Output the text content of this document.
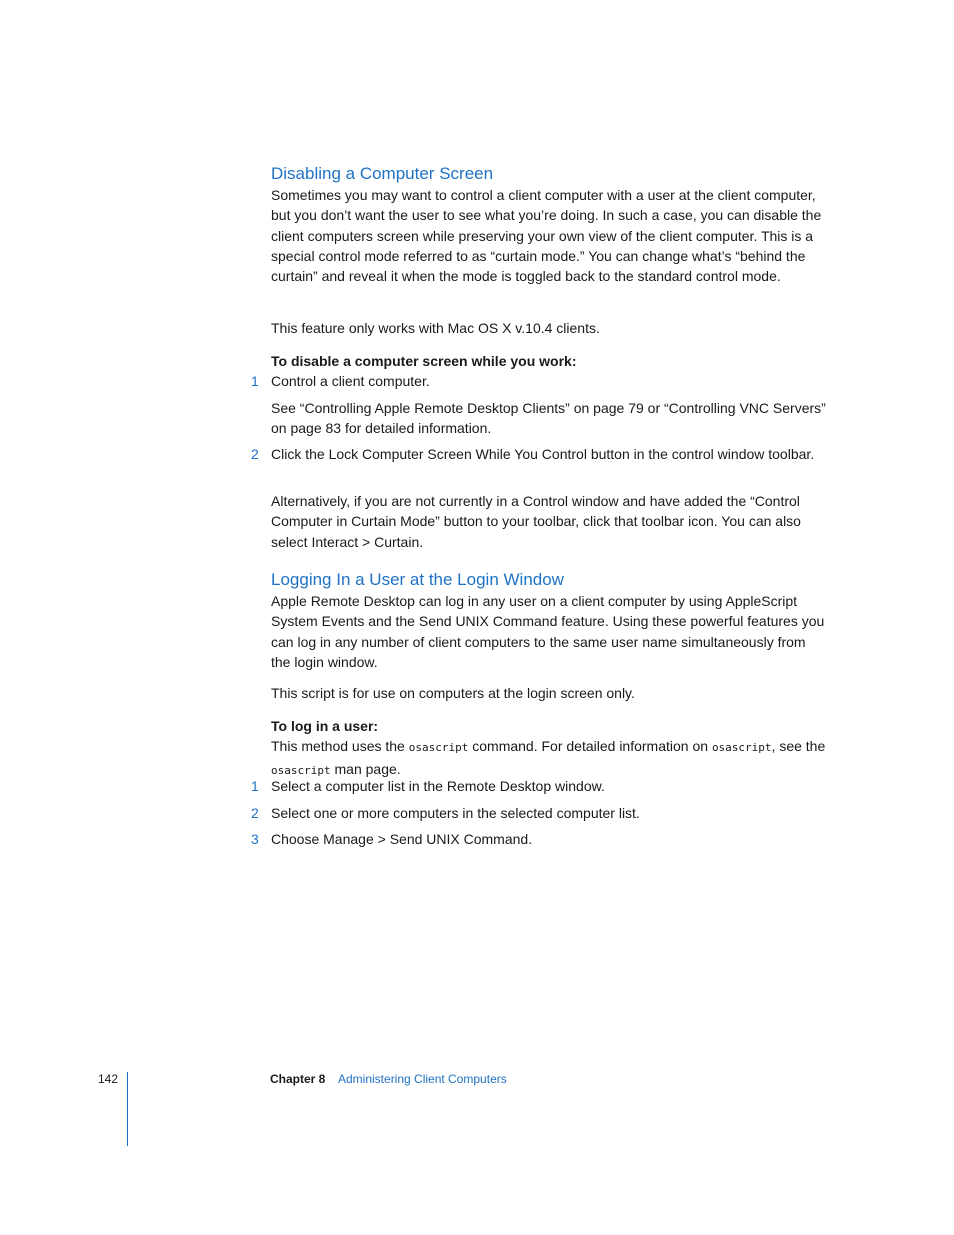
Disabling a Computer Screen

Sometimes you may want to control a client computer with a user at the client computer, but you don’t want the user to see what you’re doing. In such a case, you can disable the client computers screen while preserving your own view of the client computer. This is a special control mode referred to as “curtain mode.” You can change what’s “behind the curtain” and reveal it when the mode is toggled back to the standard control mode.

This feature only works with Mac OS X v.10.4 clients.

To disable a computer screen while you work:

1 Control a client computer.

See “Controlling Apple Remote Desktop Clients” on page 79 or “Controlling VNC Servers” on page 83 for detailed information.

2 Click the Lock Computer Screen While You Control button in the control window toolbar.

Alternatively, if you are not currently in a Control window and have added the “Control Computer in Curtain Mode” button to your toolbar, click that toolbar icon. You can also select Interact > Curtain.

Logging In a User at the Login Window

Apple Remote Desktop can log in any user on a client computer by using AppleScript System Events and the Send UNIX Command feature. Using these powerful features you can log in any number of client computers to the same user name simultaneously from the login window.

This script is for use on computers at the login screen only.

To log in a user:

This method uses the osascript command. For detailed information on osascript, see the osascript man page.

1 Select a computer list in the Remote Desktop window.

2 Select one or more computers in the selected computer list.

3 Choose Manage > Send UNIX Command.

142	Chapter 8 Administering Client Computers
